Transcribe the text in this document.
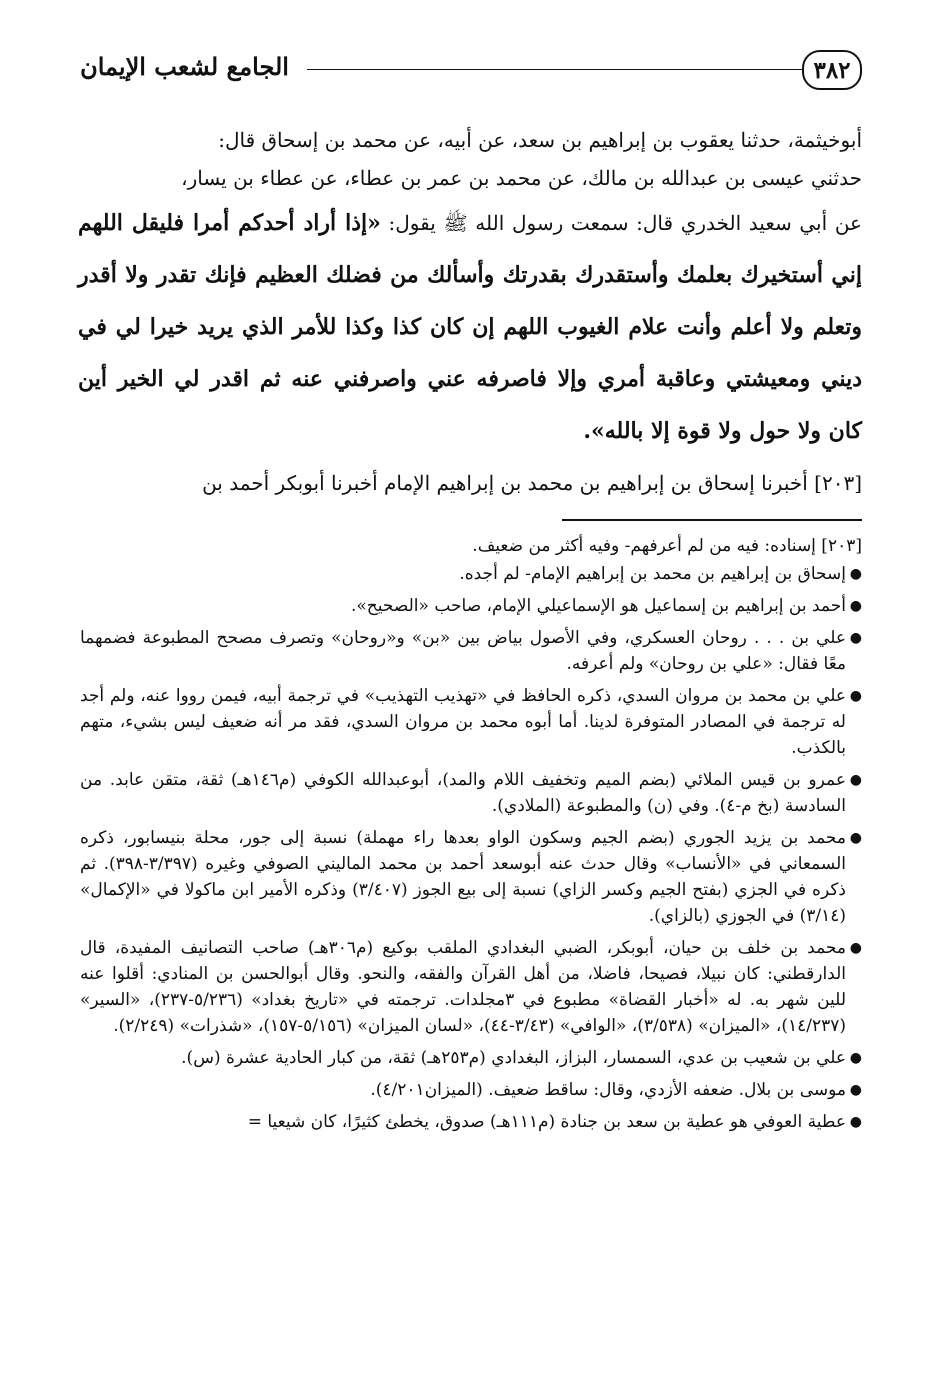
٣٨٢
الجامع لشعب الإيمان

أبوخيثمة، حدثنا يعقوب بن إبراهيم بن سعد، عن أبيه، عن محمد بن إسحاق قال:

حدثني عيسى بن عبدالله بن مالك، عن محمد بن عمر بن عطاء، عن عطاء بن يسار،

عن أبي سعيد الخدري قال: سمعت رسول الله ﷺ يقول: «إذا أراد أحدكم أمرا فليقل اللهم إني أستخيرك بعلمك وأستقدرك بقدرتك وأسألك من فضلك العظيم فإنك تقدر ولا أقدر وتعلم ولا أعلم وأنت علام الغيوب اللهم إن كان كذا وكذا للأمر الذي يريد خيرا لي في ديني ومعيشتي وعاقبة أمري وإلا فاصرفه عني واصرفني عنه ثم اقدر لي الخير أين كان ولا حول ولا قوة إلا بالله».

[٢٠٣] أخبرنا إسحاق بن إبراهيم بن محمد بن إبراهيم الإمام أخبرنا أبوبكر أحمد بن

[٢٠٣] إسناده: فيه من لم أعرفهم- وفيه أكثر من ضعيف.

●
إسحاق بن إبراهيم بن محمد بن إبراهيم الإمام- لم أجده.
●
أحمد بن إبراهيم بن إسماعيل هو الإسماعيلي الإمام، صاحب «الصحيح».
●
علي بن . . . روحان العسكري، وفي الأصول بياض بين «بن» و«روحان» وتصرف مصحح المطبوعة فضمهما معًا فقال: «علي بن روحان» ولم أعرفه.
●
علي بن محمد بن مروان السدي، ذكره الحافظ في «تهذيب التهذيب» في ترجمة أبيه، فيمن رووا عنه، ولم أجد له ترجمة في المصادر المتوفرة لدينا. أما أبوه محمد بن مروان السدي، فقد مر أنه ضعيف ليس بشيء، متهم بالكذب.
●
عمرو بن قيس الملائي (بضم الميم وتخفيف اللام والمد)، أبوعبدالله الكوفي (م١٤٦هـ) ثقة، متقن عابد. من السادسة (بخ م-٤). وفي (ن) والمطبوعة (الملادي).
●
محمد بن يزيد الجوري (بضم الجيم وسكون الواو بعدها راء مهملة) نسبة إلى جور، محلة بنيسابور، ذكره السمعاني في «الأنساب» وقال حدث عنه أبوسعد أحمد بن محمد الماليني الصوفي وغيره (٣/٣٩٧-٣٩٨). ثم ذكره في الجزي (بفتح الجيم وكسر الزاي) نسبة إلى بيع الجوز (٣/٤٠٧) وذكره الأمير ابن ماكولا في «الإكمال» (٣/١٤) في الجوزي (بالزاي).
●
محمد بن خلف بن حيان، أبوبكر، الضبي البغدادي الملقب بوكيع (م٣٠٦هـ) صاحب التصانيف المفيدة، قال الدارقطني: كان نبيلا، فصيحا، فاضلا، من أهل القرآن والفقه، والنحو. وقال أبوالحسن بن المنادي: أقلوا عنه للين شهر به. له «أخبار القضاة» مطبوع في ٣مجلدات. ترجمته في «تاريخ بغداد» (٥/٢٣٦-٢٣٧)، «السير» (١٤/٢٣٧)، «الميزان» (٣/٥٣٨)، «الوافي» (٣/٤٣-٤٤)، «لسان الميزان» (٥/١٥٦-١٥٧)، «شذرات» (٢/٢٤٩).
●
علي بن شعيب بن عدي، السمسار، البزاز، البغدادي (م٢٥٣هـ) ثقة، من كبار الحادية عشرة (س).
●
موسى بن بلال. ضعفه الأزدي، وقال: ساقط ضعيف. (الميزان٤/٢٠١).
●
عطية العوفي هو عطية بن سعد بن جنادة (م١١١هـ) صدوق، يخطئ كثيرًا، كان شيعيا =
